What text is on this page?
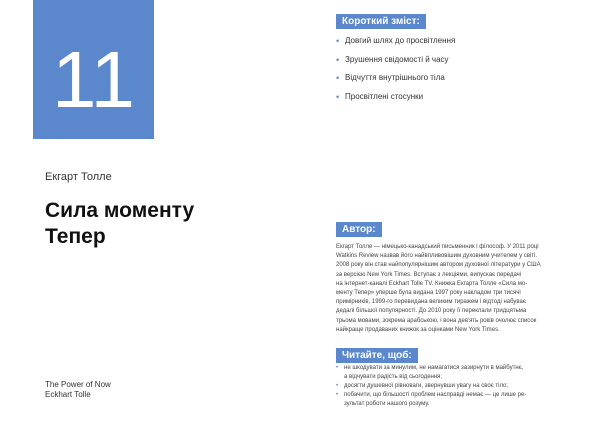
11
Екгарт Толле
Сила моменту Тепер
The Power of Now
Eckhart Tolle
Короткий зміст:
• Довгий шлях до просвітлення
• Зрушення свідомості й часу
• Відчуття внутрішнього тіла
• Просвітлені стосунки
Автор:

Екгарт Толле — німецько-канадський письменник і філософ. У 2011 році
Watkins Review назвав його найвпливовішим духовним учителем у світі.
2008 року він став найпопулярнішим автором духовної літератури у США
за версією New York Times. Вступає з лекціями, випускає передачі
на інтернет-каналі Eckhart Tolle TV. Книжка Екгарта Толле «Сила мо-
менту Тепер» уперше була видана 1997 року накладом три тисячі
примірників, 1999-го перевидана великим тиражем і відтоді набуває
дедалі більшої популярності. До 2010 року її переклали тридцятьма
трьома мовами, зокрема арабською, і вона дев'ять років очолює список
найкраще продаваних книжок за оцінками New York Times.

Читайте, щоб:
• не шкодувати за минулим, не намагатися зазирнути в майбутнє,
а відчувати радість від сьогодення;
• досягти душевної рівноваги, звернувши увагу на своє тіло;
• побачити, що більшості проблем насправді немає — це лише ре-
зультат роботи нашого розуму.
